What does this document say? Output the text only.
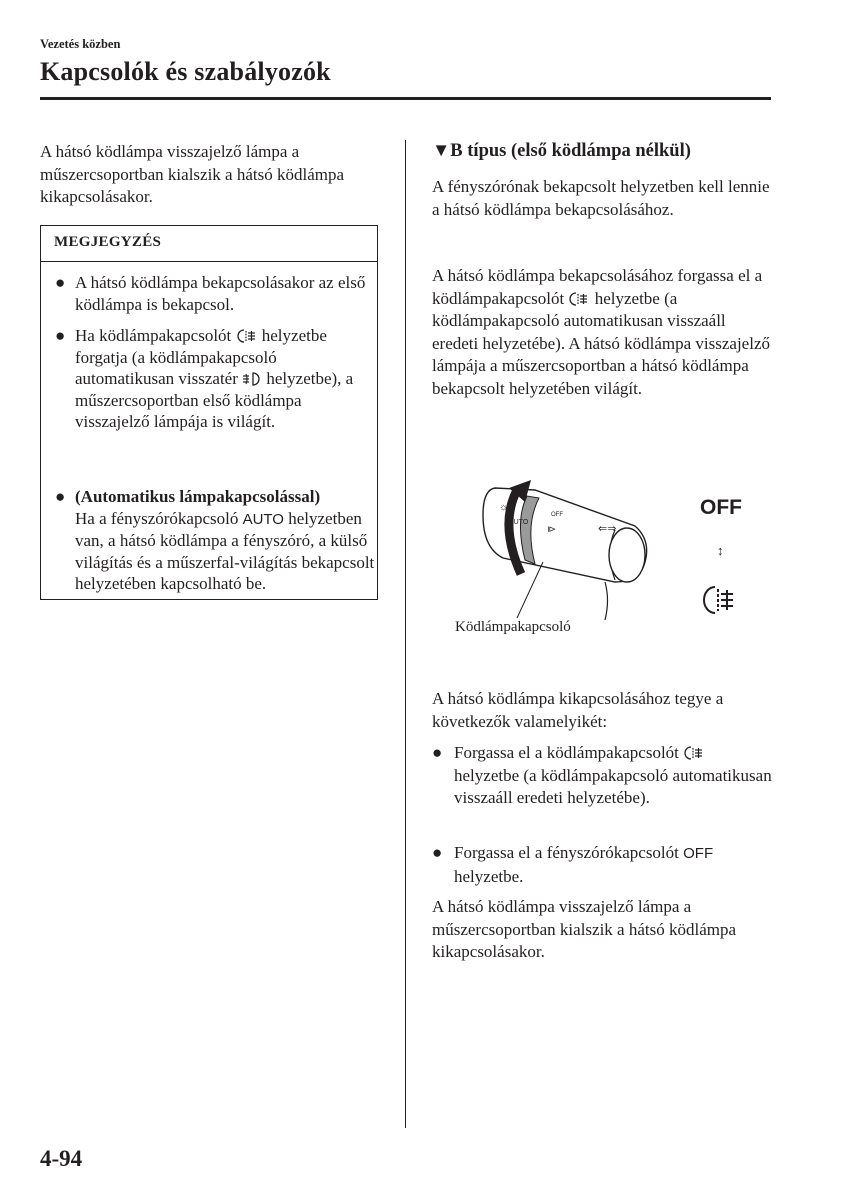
Vezetés közben
Kapcsolók és szabályozók
A hátsó ködlámpa visszajelző lámpa a műszercsoportban kialszik a hátsó ködlámpa kikapcsolásakor.
MEGJEGYZÉS
● A hátsó ködlámpa bekapcsolásakor az első ködlámpa is bekapcsol.
● Ha ködlámpakapcsolót helyzetbe forgatja (a ködlámpakapcsoló automatikusan visszatér helyzetbe), a műszercsoportban első ködlámpa visszajelző lámpája is világít.
● (Automatikus lámpakapcsolással)
Ha a fényszórókapcsoló AUTO helyzetben van, a hátsó ködlámpa a fényszóró, a külső világítás és a műszerfal-világítás bekapcsolt helyzetében kapcsolható be.
▼B típus (első ködlámpa nélkül)
A fényszórónak bekapcsolt helyzetben kell lennie a hátsó ködlámpa bekapcsolásához.
A hátsó ködlámpa bekapcsolásához forgassa el a ködlámpakapcsolót helyzetbe (a ködlámpakapcsoló automatikusan visszaáll eredeti helyzetébe). A hátsó ködlámpa visszajelző lámpája a műszercsoportban a hátsó ködlámpa bekapcsolt helyzetében világít.
☼·
AUTO
OFF
⧐	⇐⇒
OFF
↕
Ködlámpakapcsoló
A hátsó ködlámpa kikapcsolásához tegye a következők valamelyikét:
● Forgassa el a ködlámpakapcsolót  helyzetbe (a ködlámpakapcsoló automatikusan visszaáll eredeti helyzetébe).
● Forgassa el a fényszórókapcsolót OFF helyzetbe.
A hátsó ködlámpa visszajelző lámpa a műszercsoportban kialszik a hátsó ködlámpa kikapcsolásakor.
4-94
